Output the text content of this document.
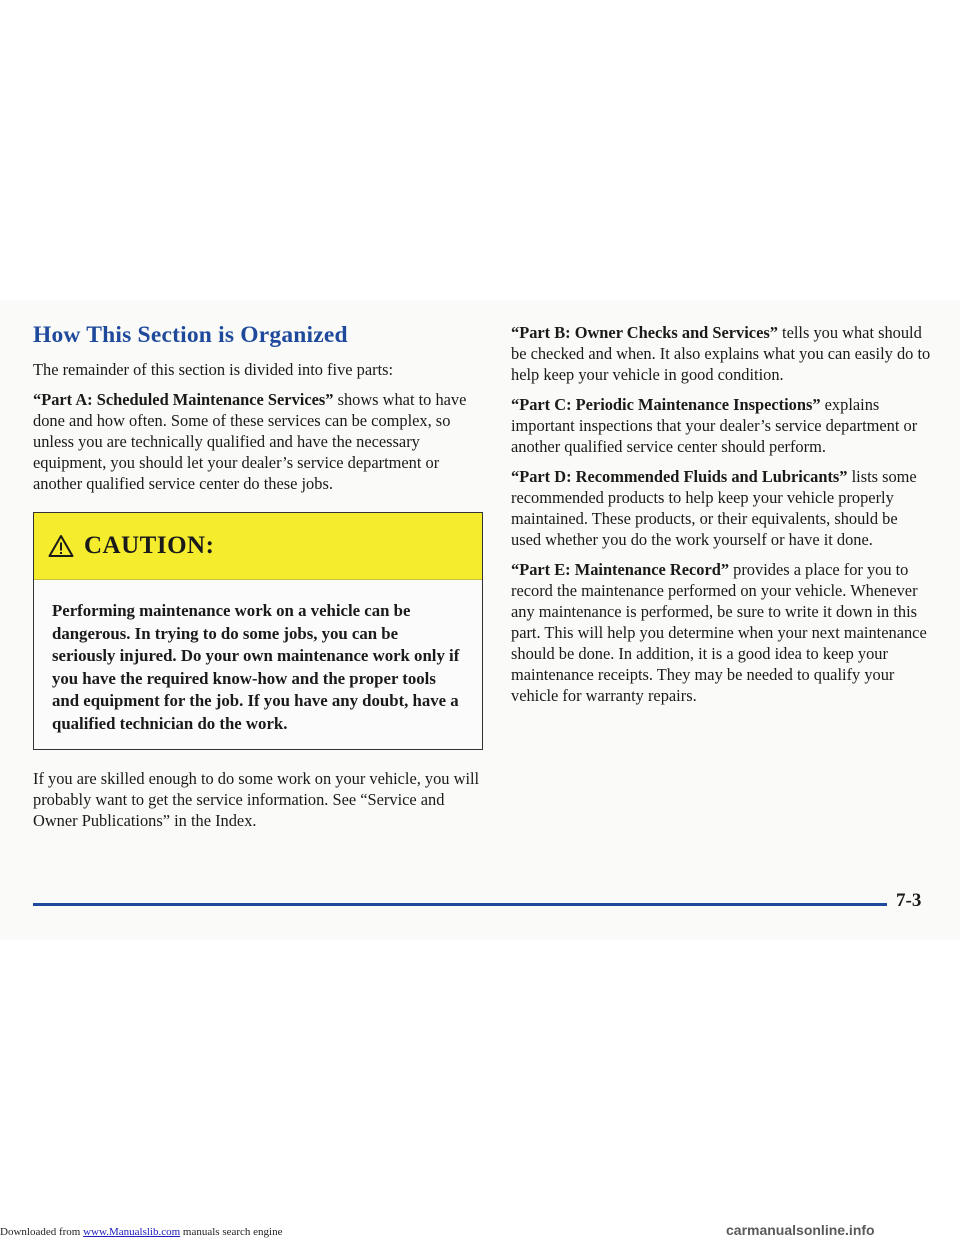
How This Section is Organized

The remainder of this section is divided into five parts:

“Part A: Scheduled Maintenance Services” shows what to have done and how often. Some of these services can be complex, so unless you are technically qualified and have the necessary equipment, you should let your dealer’s service department or another qualified service center do these jobs.

CAUTION:
Performing maintenance work on a vehicle can be dangerous. In trying to do some jobs, you can be seriously injured. Do your own maintenance work only if you have the required know-how and the proper tools and equipment for the job. If you have any doubt, have a qualified technician do the work.

If you are skilled enough to do some work on your vehicle, you will probably want to get the service information. See “Service and Owner Publications” in the Index.

“Part B: Owner Checks and Services” tells you what should be checked and when. It also explains what you can easily do to help keep your vehicle in good condition.

“Part C: Periodic Maintenance Inspections” explains important inspections that your dealer’s service department or another qualified service center should perform.

“Part D: Recommended Fluids and Lubricants” lists some recommended products to help keep your vehicle properly maintained. These products, or their equivalents, should be used whether you do the work yourself or have it done.

“Part E: Maintenance Record” provides a place for you to record the maintenance performed on your vehicle. Whenever any maintenance is performed, be sure to write it down in this part. This will help you determine when your next maintenance should be done. In addition, it is a good idea to keep your maintenance receipts. They may be needed to qualify your vehicle for warranty repairs.

7-3
Downloaded from www.Manualslib.com manuals search engine	carmanualsonline.info
